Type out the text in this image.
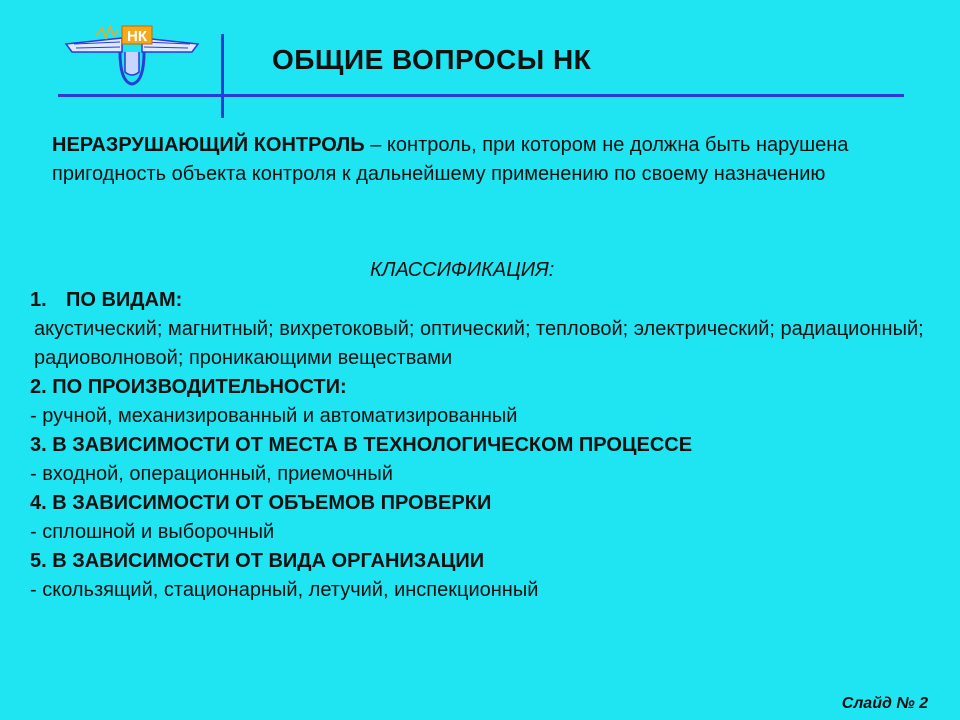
НК
ОБЩИЕ ВОПРОСЫ НК
НЕРАЗРУШАЮЩИЙ КОНТРОЛЬ – контроль, при котором не должна быть нарушена пригодность объекта контроля к дальнейшему применению по своему назначению
КЛАССИФИКАЦИЯ:
1. ПО ВИДАМ:
акустический; магнитный; вихретоковый; оптический; тепловой; электрический; радиационный; радиоволновой; проникающими веществами
2. ПО ПРОИЗВОДИТЕЛЬНОСТИ:
- ручной, механизированный и автоматизированный
3. В ЗАВИСИМОСТИ ОТ МЕСТА В ТЕХНОЛОГИЧЕСКОМ ПРОЦЕССЕ
- входной, операционный, приемочный
4. В ЗАВИСИМОСТИ ОТ ОБЪЕМОВ ПРОВЕРКИ
- сплошной и выборочный
5. В ЗАВИСИМОСТИ ОТ ВИДА ОРГАНИЗАЦИИ
- скользящий, стационарный, летучий, инспекционный
Слайд № 2
